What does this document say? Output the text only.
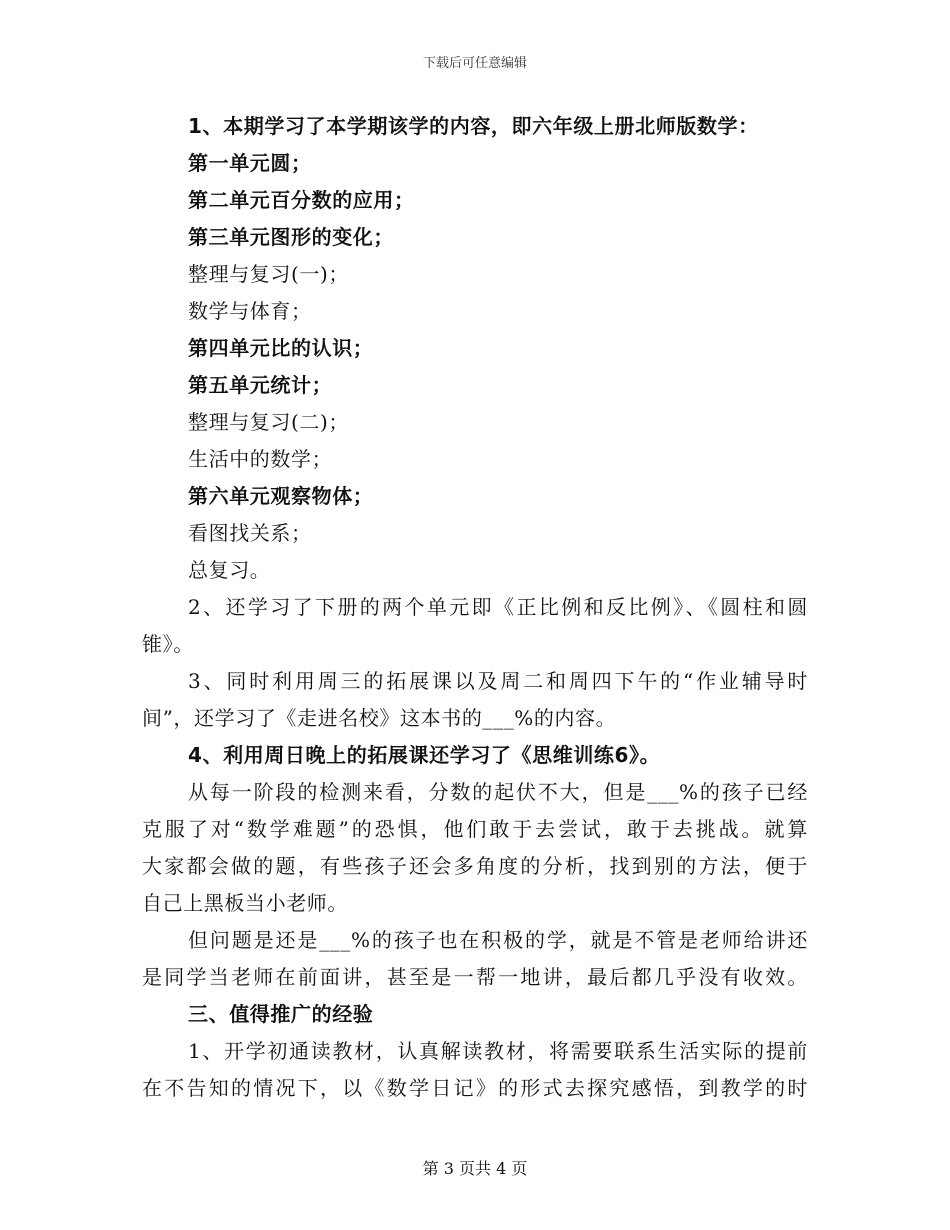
下载后可任意编辑
1、本期学习了本学期该学的内容，即六年级上册北师版数学：
第一单元圆；
第二单元百分数的应用；
第三单元图形的变化；
整理与复习(一)；
数学与体育；
第四单元比的认识；
第五单元统计；
整理与复习(二)；
生活中的数学；
第六单元观察物体；
看图找关系；
总复习。
2、还学习了下册的两个单元即《正比例和反比例》、《圆柱和圆
锥》。
3、同时利用周三的拓展课以及周二和周四下午的“作业辅导时
间”，还学习了《走进名校》这本书的___%的内容。
4、利用周日晚上的拓展课还学习了《思维训练6》。
从每一阶段的检测来看，分数的起伏不大，但是___%的孩子已经
克服了对“数学难题”的恐惧，他们敢于去尝试，敢于去挑战。就算
大家都会做的题，有些孩子还会多角度的分析，找到别的方法，便于
自己上黑板当小老师。
但问题是还是___%的孩子也在积极的学，就是不管是老师给讲还
是同学当老师在前面讲，甚至是一帮一地讲，最后都几乎没有收效。
三、值得推广的经验
1、开学初通读教材，认真解读教材，将需要联系生活实际的提前
在不告知的情况下，以《数学日记》的形式去探究感悟，到教学的时
第 3 页共 4 页
